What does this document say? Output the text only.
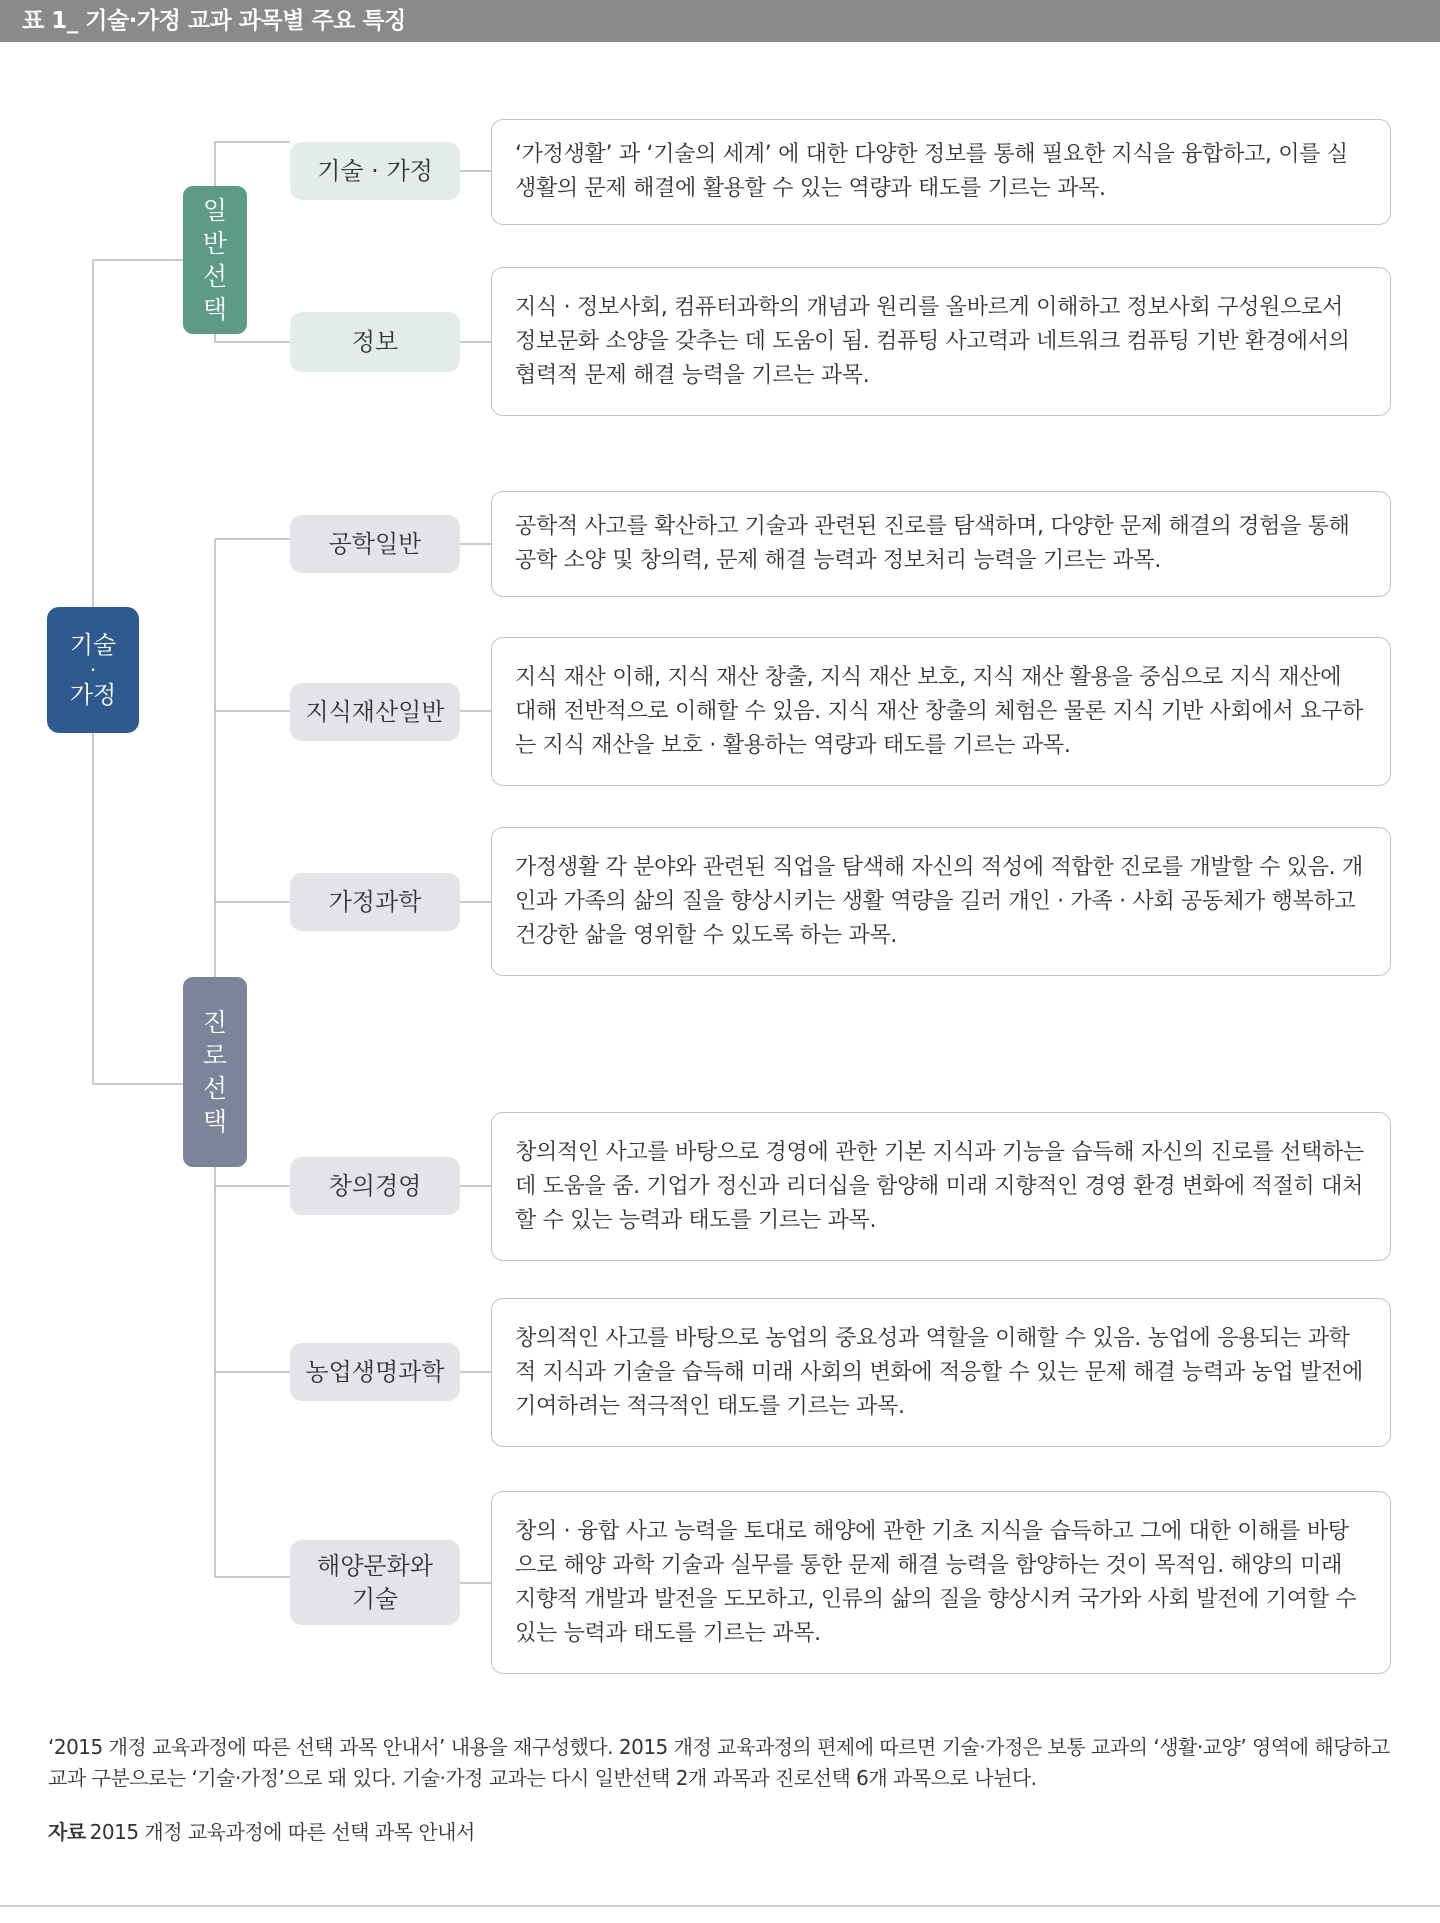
표 1_ 기술·가정 교과 과목별 주요 특징
기술
·
가정
일
반
선
택
진
로
선
택
기술 · 가정
정보
공학일반
지식재산일반
가정과학
창의경영
농업생명과학
해양문화와 기술
‘가정생활’ 과 ‘기술의 세계’ 에 대한 다양한 정보를 통해 필요한 지식을 융합하고, 이를 실생활의 문제 해결에 활용할 수 있는 역량과 태도를 기르는 과목.
지식 · 정보사회, 컴퓨터과학의 개념과 원리를 올바르게 이해하고 정보사회 구성원으로서 정보문화 소양을 갖추는 데 도움이 됨. 컴퓨팅 사고력과 네트워크 컴퓨팅 기반 환경에서의 협력적 문제 해결 능력을 기르는 과목.
공학적 사고를 확산하고 기술과 관련된 진로를 탐색하며, 다양한 문제 해결의 경험을 통해 공학 소양 및 창의력, 문제 해결 능력과 정보처리 능력을 기르는 과목.
지식 재산 이해, 지식 재산 창출, 지식 재산 보호, 지식 재산 활용을 중심으로 지식 재산에 대해 전반적으로 이해할 수 있음. 지식 재산 창출의 체험은 물론 지식 기반 사회에서 요구하는 지식 재산을 보호 · 활용하는 역량과 태도를 기르는 과목.
가정생활 각 분야와 관련된 직업을 탐색해 자신의 적성에 적합한 진로를 개발할 수 있음. 개인과 가족의 삶의 질을 향상시키는 생활 역량을 길러 개인 · 가족 · 사회 공동체가 행복하고 건강한 삶을 영위할 수 있도록 하는 과목.
창의적인 사고를 바탕으로 경영에 관한 기본 지식과 기능을 습득해 자신의 진로를 선택하는 데 도움을 줌. 기업가 정신과 리더십을 함양해 미래 지향적인 경영 환경 변화에 적절히 대처할 수 있는 능력과 태도를 기르는 과목.
창의적인 사고를 바탕으로 농업의 중요성과 역할을 이해할 수 있음. 농업에 응용되는 과학적 지식과 기술을 습득해 미래 사회의 변화에 적응할 수 있는 문제 해결 능력과 농업 발전에 기여하려는 적극적인 태도를 기르는 과목.
창의 · 융합 사고 능력을 토대로 해양에 관한 기초 지식을 습득하고 그에 대한 이해를 바탕으로 해양 과학 기술과 실무를 통한 문제 해결 능력을 함양하는 것이 목적임. 해양의 미래 지향적 개발과 발전을 도모하고, 인류의 삶의 질을 향상시켜 국가와 사회 발전에 기여할 수 있는 능력과 태도를 기르는 과목.
‘2015 개정 교육과정에 따른 선택 과목 안내서’ 내용을 재구성했다. 2015 개정 교육과정의 편제에 따르면 기술·가정은 보통 교과의 ‘생활·교양’ 영역에 해당하고 교과 구분으로는 ‘기술·가정’으로 돼 있다. 기술·가정 교과는 다시 일반선택 2개 과목과 진로선택 6개 과목으로 나뉜다.
자료 2015 개정 교육과정에 따른 선택 과목 안내서
